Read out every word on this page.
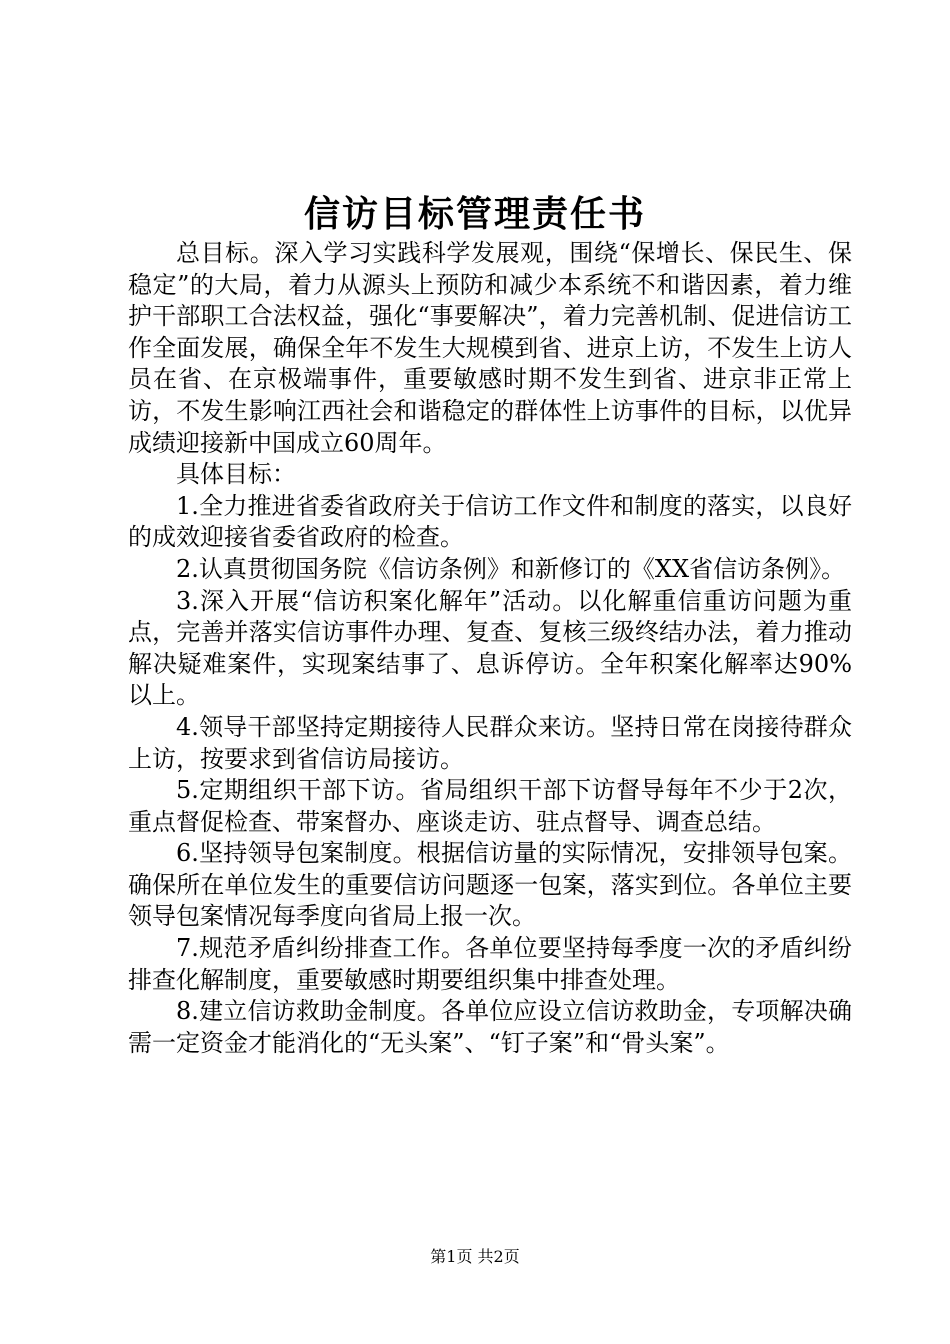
信访目标管理责任书

总目标。深入学习实践科学发展观，围绕“保增长、保民生、保稳定”的大局，着力从源头上预防和减少本系统不和谐因素，着力维护干部职工合法权益，强化“事要解决”，着力完善机制、促进信访工作全面发展，确保全年不发生大规模到省、进京上访，不发生上访人员在省、在京极端事件，重要敏感时期不发生到省、进京非正常上访，不发生影响江西社会和谐稳定的群体性上访事件的目标，以优异成绩迎接新中国成立60周年。

具体目标：

1.全力推进省委省政府关于信访工作文件和制度的落实，以良好的成效迎接省委省政府的检查。

2.认真贯彻国务院《信访条例》和新修订的《XX省信访条例》。

3.深入开展“信访积案化解年”活动。以化解重信重访问题为重点，完善并落实信访事件办理、复查、复核三级终结办法，着力推动解决疑难案件，实现案结事了、息诉停访。全年积案化解率达90%以上。

4.领导干部坚持定期接待人民群众来访。坚持日常在岗接待群众上访，按要求到省信访局接访。

5.定期组织干部下访。省局组织干部下访督导每年不少于2次，重点督促检查、带案督办、座谈走访、驻点督导、调查总结。

6.坚持领导包案制度。根据信访量的实际情况，安排领导包案。确保所在单位发生的重要信访问题逐一包案，落实到位。各单位主要领导包案情况每季度向省局上报一次。

7.规范矛盾纠纷排查工作。各单位要坚持每季度一次的矛盾纠纷排查化解制度，重要敏感时期要组织集中排查处理。

8.建立信访救助金制度。各单位应设立信访救助金，专项解决确需一定资金才能消化的“无头案”、“钉子案”和“骨头案”。

第1页 共2页
